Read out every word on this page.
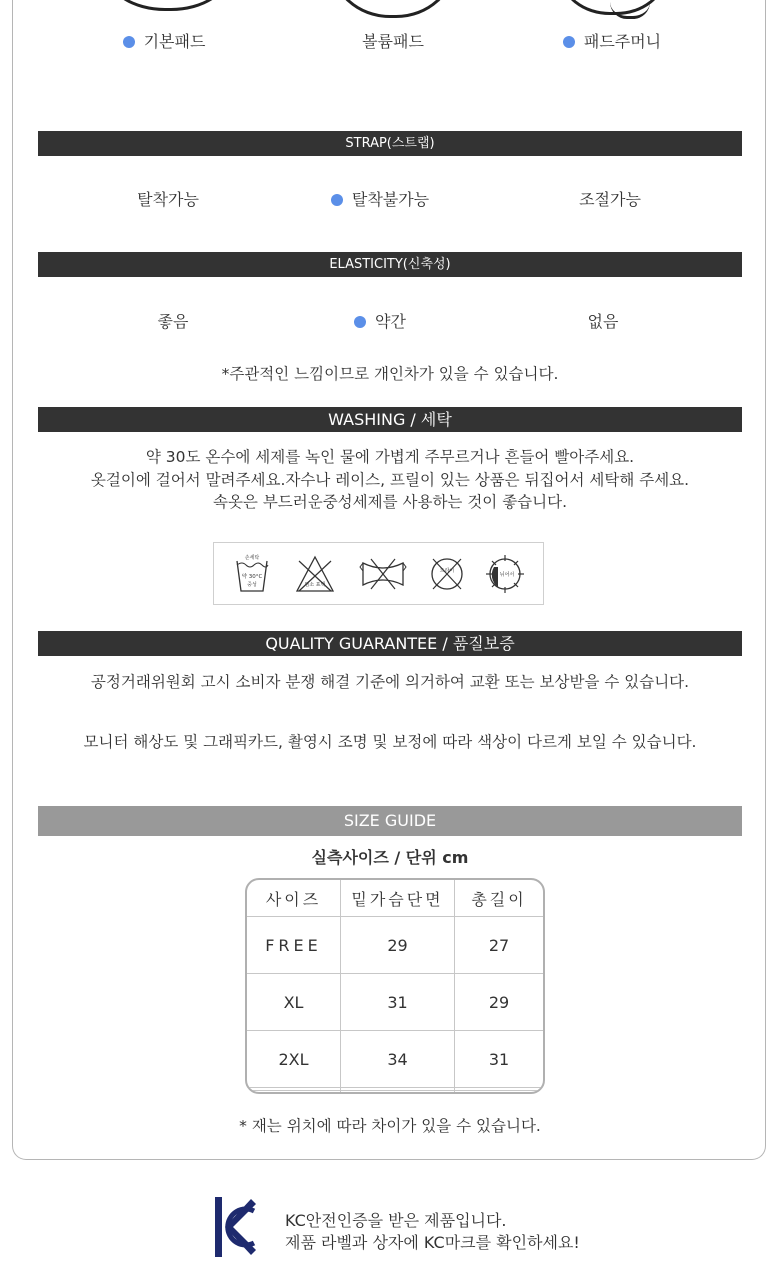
기본패드	볼륨패드	패드주머니
STRAP(스트랩)
탈착가능	탈착불가능	조절가능
ELASTICITY(신축성)
좋음	약간	없음
*주관적인 느낌이므로 개인차가 있을 수 있습니다.
WASHING / 세탁
약 30도 온수에 세제를 녹인 물에 가볍게 주무르거나 흔들어 빨아주세요.
옷걸이에 걸어서 말려주세요.자수나 레이스, 프릴이 있는 상품은 뒤집어서 세탁해 주세요.
속옷은 부드러운중성세제를 사용하는 것이 좋습니다.
손세탁
약 30°C
중성	염소 표백
드라이
뉘어서
QUALITY GUARANTEE / 품질보증
공정거래위원회 고시 소비자 분쟁 해결 기준에 의거하여 교환 또는 보상받을 수 있습니다.
모니터 해상도 및 그래픽카드, 촬영시 조명 및 보정에 따라 색상이 다르게 보일 수 있습니다.
SIZE GUIDE
실측사이즈 / 단위 cm
사이즈	밑가슴단면	총길이
FREE	29	27
XL	31	29
2XL	34	31

* 재는 위치에 따라 차이가 있을 수 있습니다.
KC안전인증을 받은 제품입니다.
제품 라벨과 상자에 KC마크를 확인하세요!
